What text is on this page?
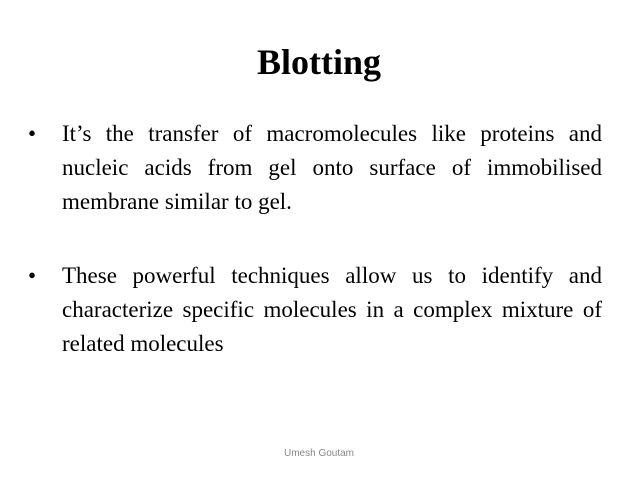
Blotting
• It’s the transfer of macromolecules like proteins and nucleic acids from gel onto surface of immobilised membrane similar to gel.
• These powerful techniques allow us to identify and characterize specific molecules in a complex mixture of related molecules
Umesh Goutam
